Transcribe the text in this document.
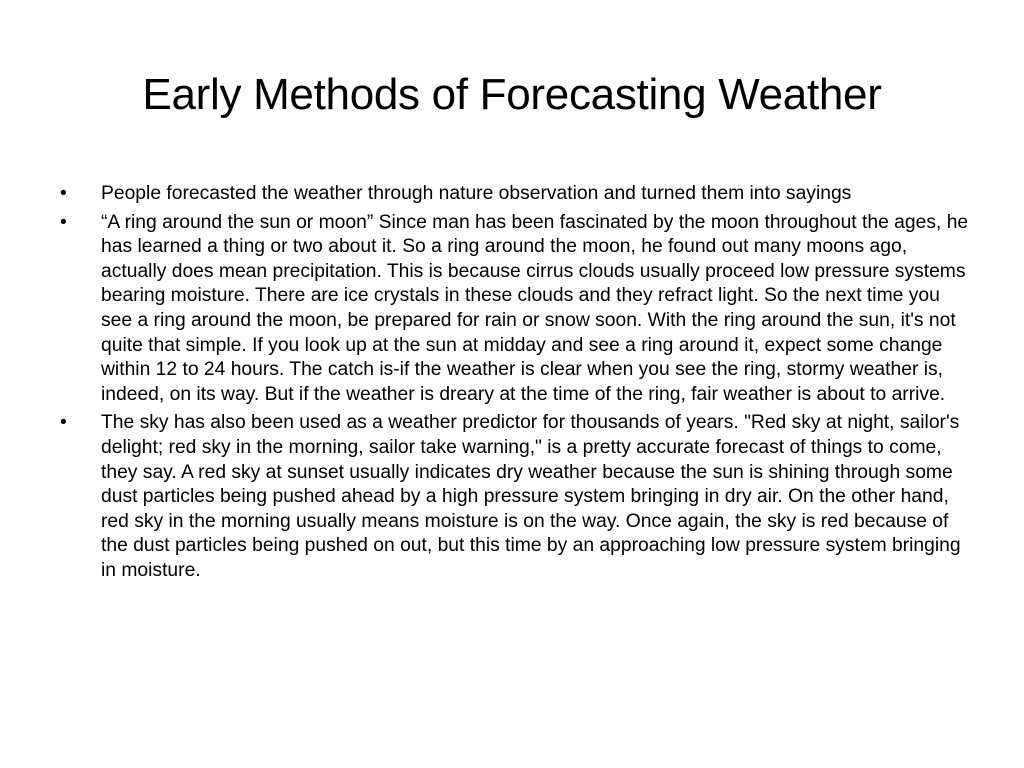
Early Methods of Forecasting Weather
•	People forecasted the weather through nature observation and turned them into sayings
•	“A ring around the sun or moon” Since man has been fascinated by the moon throughout the ages, he has learned a thing or two about it. So a ring around the moon, he found out many moons ago, actually does mean precipitation. This is because cirrus clouds usually proceed low pressure systems bearing moisture. There are ice crystals in these clouds and they refract light. So the next time you see a ring around the moon, be prepared for rain or snow soon. With the ring around the sun, it's not quite that simple. If you look up at the sun at midday and see a ring around it, expect some change within 12 to 24 hours. The catch is-if the weather is clear when you see the ring, stormy weather is, indeed, on its way. But if the weather is dreary at the time of the ring, fair weather is about to arrive.
•	The sky has also been used as a weather predictor for thousands of years. "Red sky at night, sailor's delight; red sky in the morning, sailor take warning," is a pretty accurate forecast of things to come, they say. A red sky at sunset usually indicates dry weather because the sun is shining through some dust particles being pushed ahead by a high pressure system bringing in dry air. On the other hand, red sky in the morning usually means moisture is on the way. Once again, the sky is red because of the dust particles being pushed on out, but this time by an approaching low pressure system bringing in moisture.
